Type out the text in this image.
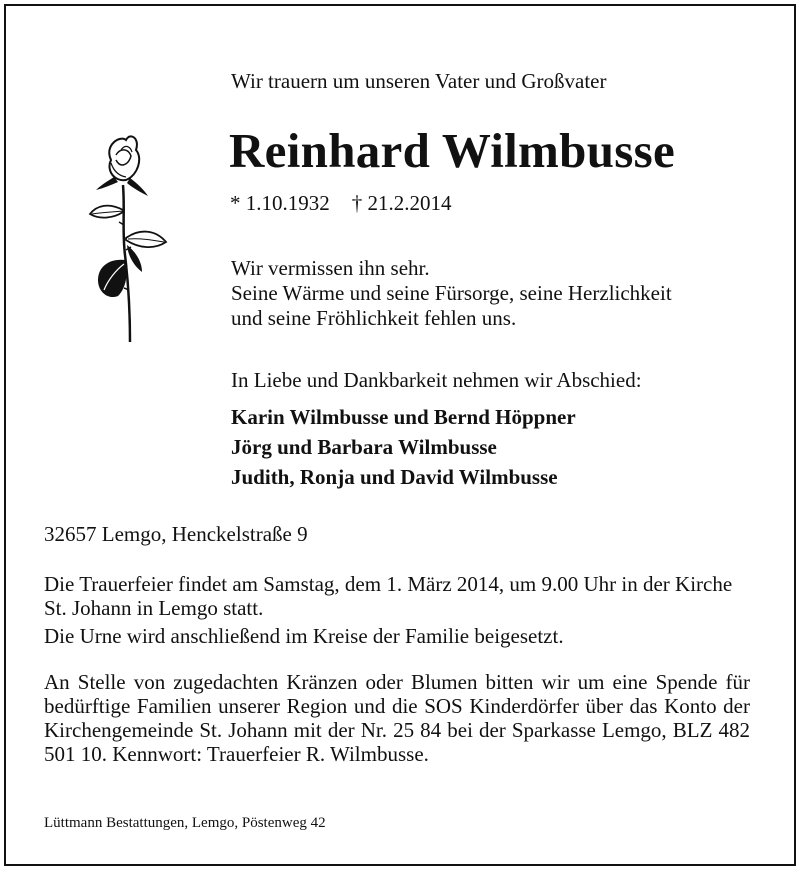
Wir trauern um unseren Vater und Großvater
Reinhard Wilmbusse
* 1.10.1932 † 21.2.2014
Wir vermissen ihn sehr.
Seine Wärme und seine Fürsorge, seine Herzlichkeit
und seine Fröhlichkeit fehlen uns.
In Liebe und Dankbarkeit nehmen wir Abschied:
Karin Wilmbusse und Bernd Höppner
Jörg und Barbara Wilmbusse
Judith, Ronja und David Wilmbusse
32657 Lemgo, Henckelstraße 9
Die Trauerfeier findet am Samstag, dem 1. März 2014, um 9.00 Uhr in der Kirche St. Johann in Lemgo statt.
Die Urne wird anschließend im Kreise der Familie beigesetzt.
An Stelle von zugedachten Kränzen oder Blumen bitten wir um eine Spende für bedürftige Familien unserer Region und die SOS Kinderdörfer über das Konto der Kirchengemeinde St. Johann mit der Nr. 25 84 bei der Sparkasse Lemgo, BLZ 482 501 10. Kennwort: Trauerfeier R. Wilmbusse.
Lüttmann Bestattungen, Lemgo, Pöstenweg 42
